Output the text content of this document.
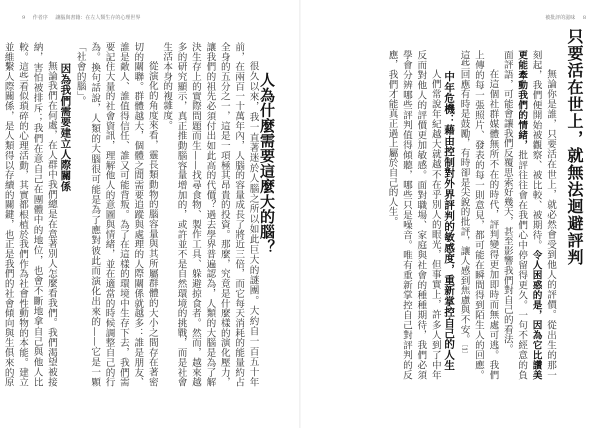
9 作者序 讓腦與書籍：在左人類生存的心理世界

人為什麼需要這麼大的腦？

很久以來，我一直著迷於人腦之所以如此巨大的謎團。大約自一百五十年前，在兩百一十萬年內，人腦的容量成長了將近三倍，而它每天消耗的能量約占全身的五分之一，這是一項極其昂貴的投資。那麼，究竟是什麼樣的演化壓力，讓我們的祖先必須付出如此高的代價？過去學界普遍認為，人類的大腦是為了解決生存上的實際問題而生——找尋食物、製作工具、躲避掠食者。然而，越來越多的研究顯示，真正推動腦容量增加的，或許並不是自然環境的挑戰，而是社會生活本身的複雜度。

從演化的角度來看，靈長類動物的腦容量與其所屬群體的大小之間存在著密切的關聯。群體越大，個體之間需要追蹤與處理的人際關係就越多：誰是朋友、誰是敵人、誰值得信任、誰又可能背叛。為了在這樣的環境中生存下去，我們需要記住大量的社會資訊，理解他人的意圖與情緒，並在適當的時候調整自己的行為。換句話說，人類的大腦很可能是為了應對彼此而演化出來的——它是一顆「社會的腦」。

因為我們需要建立人際關係

無論我們在何處，在人群中我們總是在意著別人怎麼看我們。我們渴望被接納，害怕被排斥；我們在意自己在團體中的地位，也會不斷地拿自己與他人比較。這些看似瑣碎的心理活動，其實都根植於我們作為社會性動物的本能。建立並維繫人際關係，是人類得以存續的關鍵，也正是我們的社會傾向與生俱來的原

被批評的滋味 8
只要活在世上，就無法迴避評判

無論你是誰，只要活在世上，就必然會受到他人的評價。從出生的那一刻起，我們便開始被觀察、被比較、被期待。令人困惑的是，因為它比讚美更能牽動我們的情緒，批評往往會在我們心中停留得更久。一句不經意的負面評語，可能會讓我們反覆思索好幾天，甚至影響我們對自己的看法。

在這個社群媒體無所不在的時代，評判變得更加即時而無處可逃。我們上傳的每一張照片、發表的每一則意見，都可能在瞬間得到陌生人的回應。這些回應有時是鼓勵，有時卻是尖銳的批評，讓人感到焦慮與不安。［1］

中年危機：藉由控制對外界評判的敏感度，重新掌控自己的人生

人們常說年紀越大就越不在乎別人的眼光，但事實上，許多人到了中年反而對他人的評價更加敏感。面對職場、家庭與社會的種種期待，我們必須學會分辨哪些評判值得傾聽，哪些只是噪音。唯有重新掌控自己對評判的反應，我們才能真正過上屬於自己的人生。
